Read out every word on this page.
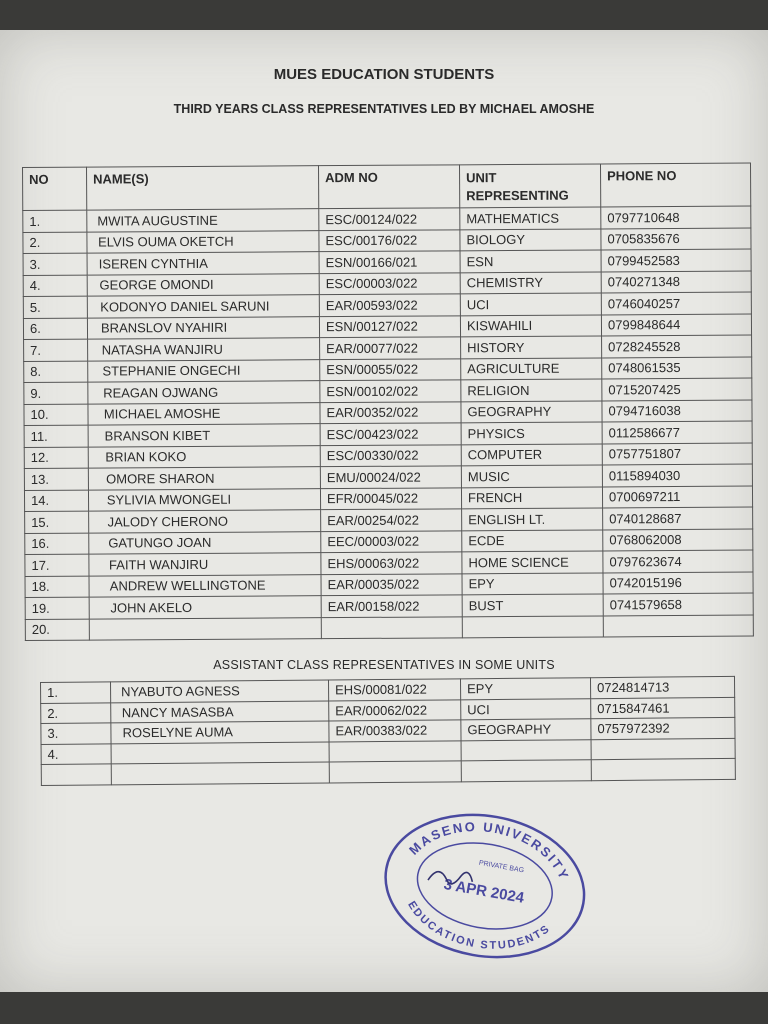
MUES EDUCATION STUDENTS
THIRD YEARS CLASS REPRESENTATIVES LED BY MICHAEL AMOSHE
NO	NAME(S)	ADM NO	UNIT REPRESENTING	PHONE NO
1.	MWITA AUGUSTINE	ESC/00124/022	MATHEMATICS	0797710648
2.	ELVIS OUMA OKETCH	ESC/00176/022	BIOLOGY	0705835676
3.	ISEREN CYNTHIA	ESN/00166/021	ESN	0799452583
4.	GEORGE OMONDI	ESC/00003/022	CHEMISTRY	0740271348
5.	KODONYO DANIEL SARUNI	EAR/00593/022	UCI	0746040257
6.	BRANSLOV NYAHIRI	ESN/00127/022	KISWAHILI	0799848644
7.	NATASHA WANJIRU	EAR/00077/022	HISTORY	0728245528
8.	STEPHANIE ONGECHI	ESN/00055/022	AGRICULTURE	0748061535
9.	REAGAN OJWANG	ESN/00102/022	RELIGION	0715207425
10.	MICHAEL AMOSHE	EAR/00352/022	GEOGRAPHY	0794716038
11.	BRANSON KIBET	ESC/00423/022	PHYSICS	0112586677
12.	BRIAN KOKO	ESC/00330/022	COMPUTER	0757751807
13.	OMORE SHARON	EMU/00024/022	MUSIC	0115894030
14.	SYLIVIA MWONGELI	EFR/00045/022	FRENCH	0700697211
15.	JALODY CHERONO	EAR/00254/022	ENGLISH LT.	0740128687
16.	GATUNGO JOAN	EEC/00003/022	ECDE	0768062008
17.	FAITH WANJIRU	EHS/00063/022	HOME SCIENCE	0797623674
18.	ANDREW WELLINGTONE	EAR/00035/022	EPY	0742015196
19.	JOHN AKELO	EAR/00158/022	BUST	0741579658
20.				
ASSISTANT CLASS REPRESENTATIVES IN SOME UNITS
1.	NYABUTO AGNESS	EHS/00081/022	EPY	0724814713
2.	NANCY MASASBA	EAR/00062/022	UCI	0715847461
3.	ROSELYNE AUMA	EAR/00383/022	GEOGRAPHY	0757972392
4.				

MASENO UNIVERSITY
EDUCATION STUDENTS
PRIVATE BAG
3 APR 2024
